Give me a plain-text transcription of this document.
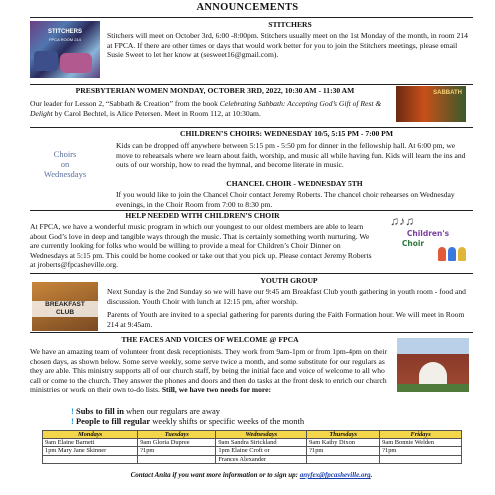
ANNOUNCEMENTS
STITCHERS
STITCHERS
FPCA ROOM 214	Stitchers will meet on October 3rd, 6:00 -8:00pm. Stitchers usually meet on the 1st Monday of the month, in room 214 at FPCA. If there are other times or days that would work better for you to join the Stitchers meetings, please email Susie Sweet to let her know at (sesweet16@gmail.com).
PRESBYTERIAN WOMEN MONDAY, OCTOBER 3RD, 2022, 10:30 AM - 11:30 AM
Our leader for Lesson 2, “Sabbath & Creation” from the book Celebrating Sabbath: Accepting God’s Gift of Rest & Delight by Carol Bechtel, is Alice Petersen. Meet in Room 112, at 10:30am.
SABBATH
CHILDREN’S CHOIRS: WEDNESDAY 10/5, 5:15 PM - 7:00 PM
Choirs
on
Wednesdays
Kids can be dropped off anywhere between 5:15 pm - 5:50 pm for dinner in the fellowship hall. At 6:00 pm, we move to rehearsals where we learn about faith, worship, and music all while having fun. Kids will learn the ins and outs of our worship, how to read the hymnal, and become literate in music.
CHANCEL CHOIR - WEDNESDAY 5TH
If you would like to join the Chancel Choir contact Jeremy Roberts. The chancel choir rehearses on Wednesday evenings, in the Choir Room from 7:00 to 8:30 pm.
HELP NEEDED WITH CHILDREN’S CHOIR
At FPCA, we have a wonderful music program in which our youngest to our oldest members are able to learn about God’s love in deep and tangible ways through the music. That is certainly something worth nurturing. We are currently looking for folks who would be willing to provide a meal for Children’s Choir Dinner on Wednesdays at 5:15 pm. This could be home cooked or take out that you pick up. Please contact Jeremy Roberts at jroberts@fpcasheville.org.
♫♪♫
Children's
Choir
YOUTH GROUP
BREAKFAST
CLUB
Next Sunday is the 2nd Sunday so we will have our 9:45 am Breakfast Club youth gathering in youth room - food and discussion. Youth Choir with lunch at 12:15 pm, after worship.
Parents of Youth are invited to a special gathering for parents during the Faith Formation hour. We will meet in Room 214 at 9:45am.
THE FACES AND VOICES OF WELCOME @ FPCA
We have an amazing team of volunteer front desk receptionists. They work from 9am-1pm or from 1pm-4pm on their chosen days, as shown below. Some serve weekly, some serve twice a month, and some substitute for our regulars as they are able. This ministry supports all of our church staff, by being the initial face and voice of welcome to all who call or come to the church. They answer the phones and doors and then do tasks at the front desk to enrich our church ministries or work on their own to-do lists. Still, we have two needs for more:
! Subs to fill in when our regulars are away
! People to fill regular weekly shifts or specific weeks of the month
Mondays	Tuesdays	Wednesdays	Thursdays	Fridays
9am Elaine Barnett	9am Gloria Dupree	9am Sandra Strickland	9am Kathy Dixon	9am Bonnie Welden
1pm Mary Jane Skinner	?1pm	1pm Elaine Croft or	?1pm	?1pm
		Frances Alexander		
Contact Anita if you want more information or to sign up: anyfex@fpcasheville.org.
